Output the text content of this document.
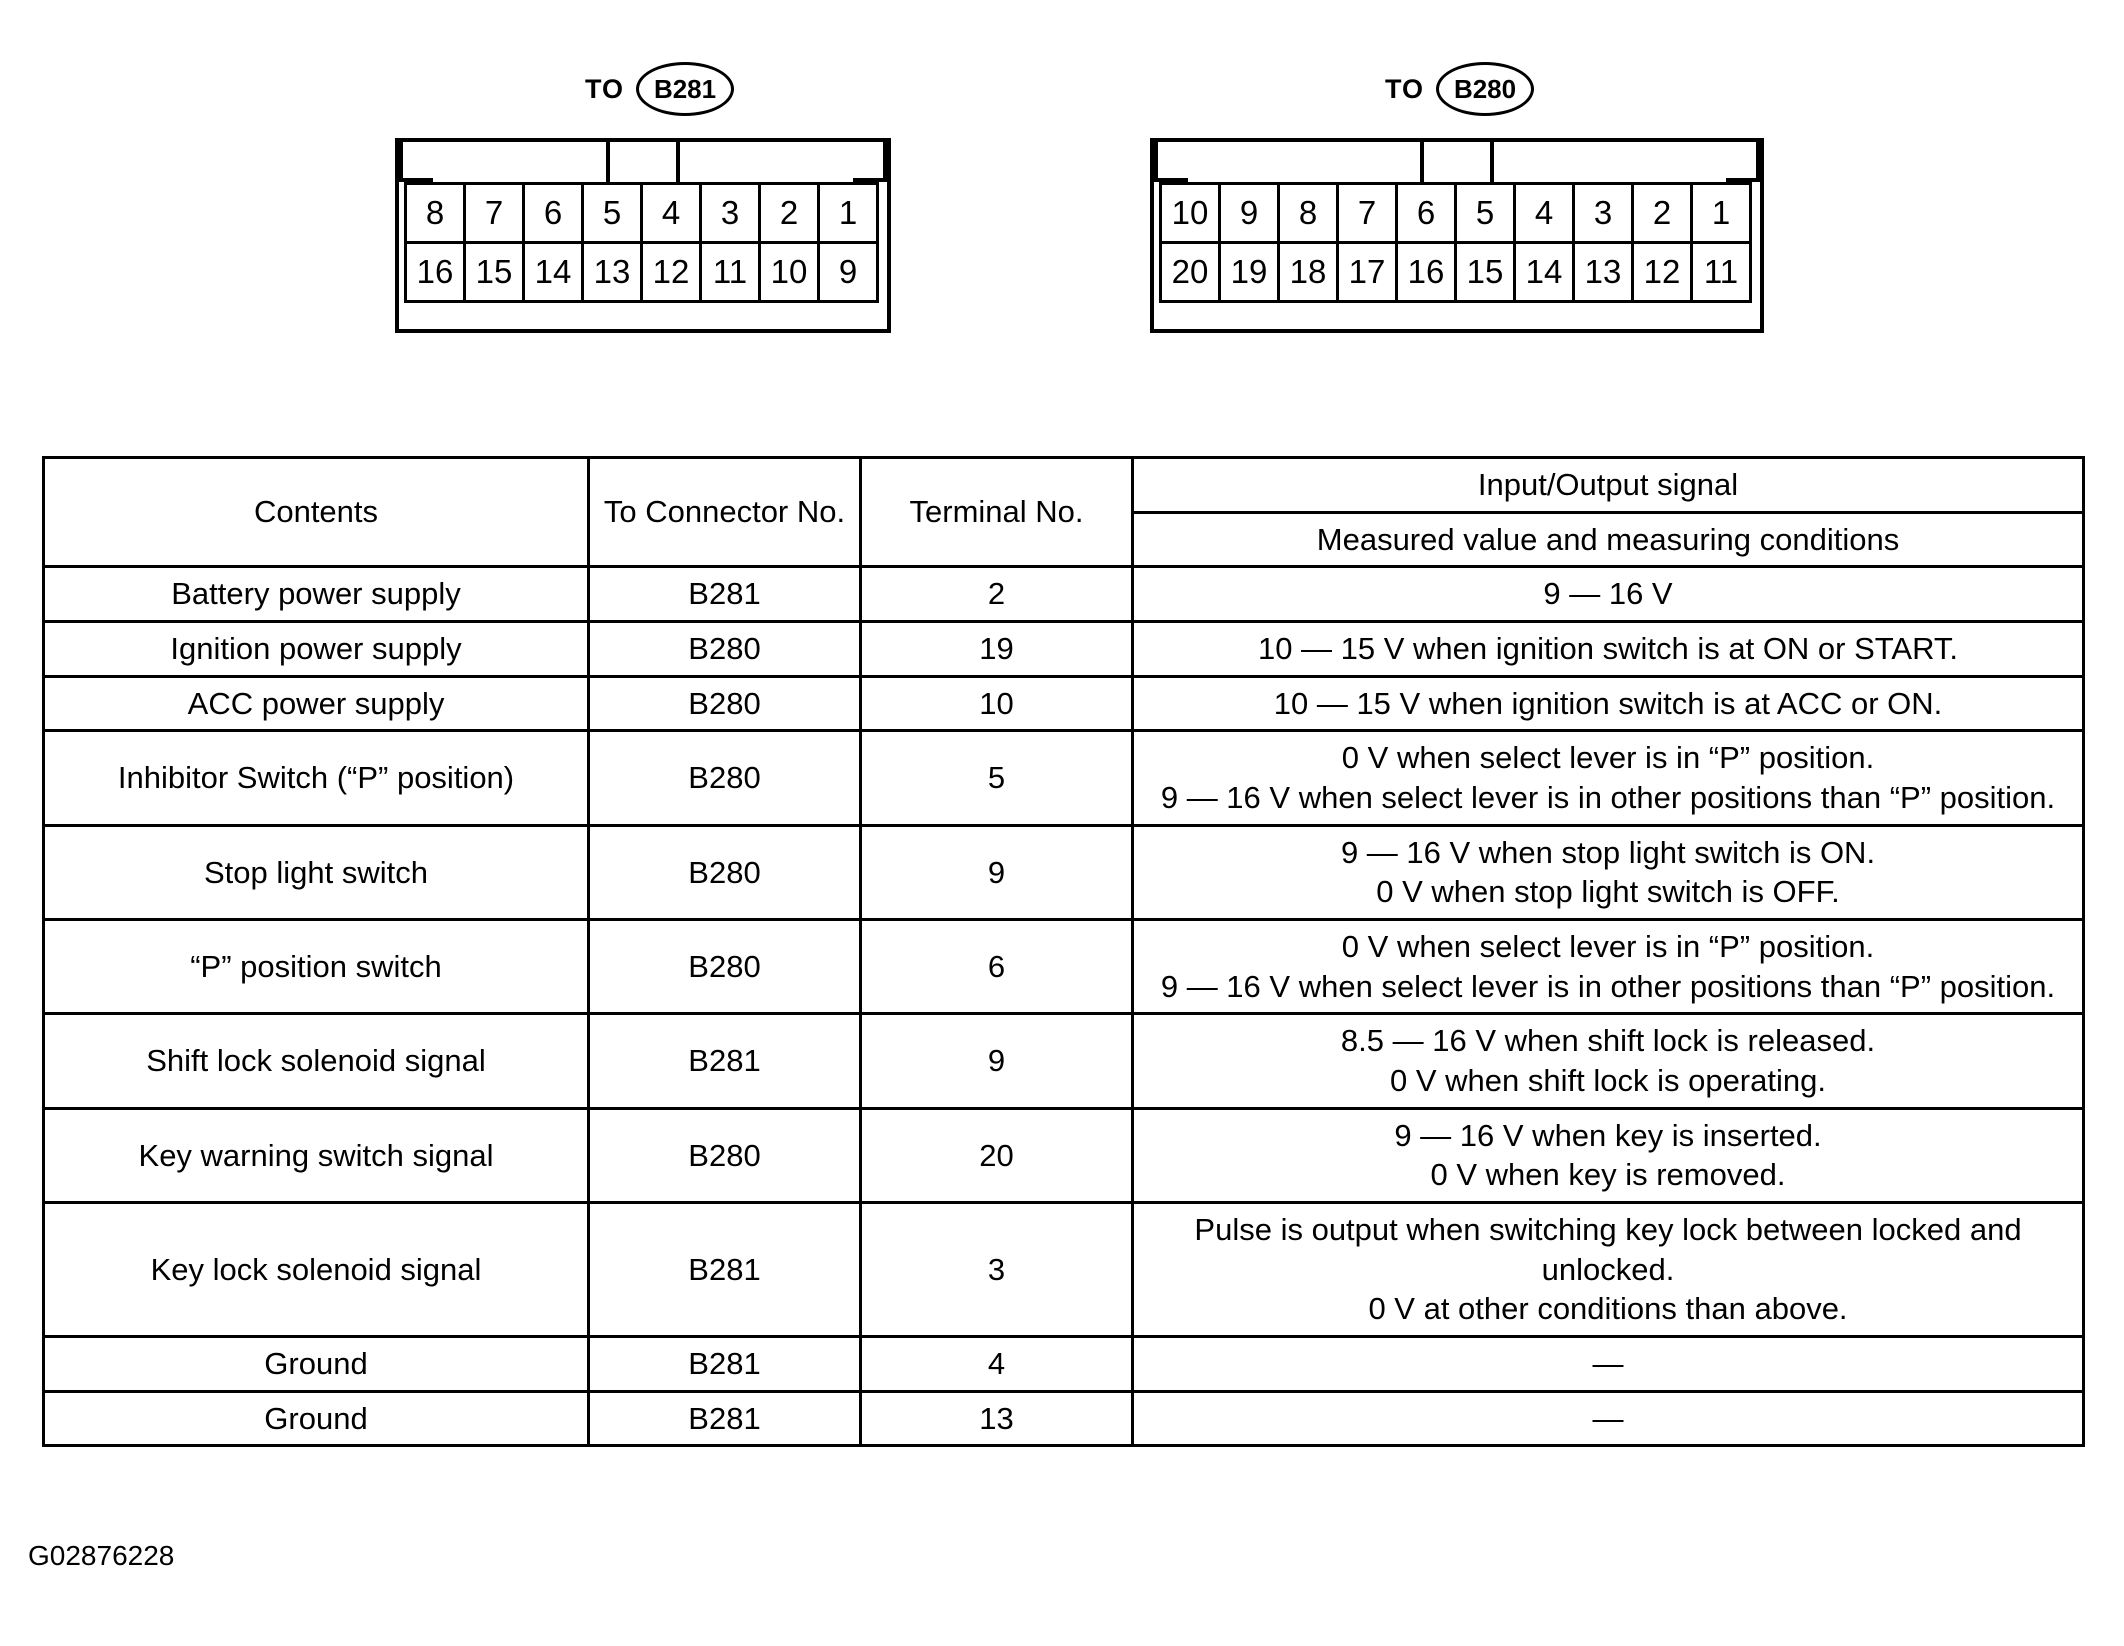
TO	B281
8	7	6	5	4	3	2	1
16 15 14 13 12 11 10 9
TO	B280
10 9	8	7	6	5	4	3	2	1
20 19 18 17 16 15 14 13 12 11
Contents	To Connector No.	Terminal No.	Input/Output signal
			Measured value and measuring conditions
Battery power supply	B281	2	9 — 16 V
Ignition power supply	B280	19	10 — 15 V when ignition switch is at ON or START.
ACC power supply	B280	10	10 — 15 V when ignition switch is at ACC or ON.
Inhibitor Switch (“P” position)	B280	5	0 V when select lever is in “P” position.
9 — 16 V when select lever is in other positions than “P” position.
Stop light switch	B280	9	9 — 16 V when stop light switch is ON.
0 V when stop light switch is OFF.
“P” position switch	B280	6	0 V when select lever is in “P” position.
9 — 16 V when select lever is in other positions than “P” position.
Shift lock solenoid signal	B281	9	8.5 — 16 V when shift lock is released.
0 V when shift lock is operating.
Key warning switch signal	B280	20	9 — 16 V when key is inserted.
0 V when key is removed.
Key lock solenoid signal	B281	3	Pulse is output when switching key lock between locked and unlocked.
0 V at other conditions than above.
Ground	B281	4	—
Ground	B281	13	—
G02876228
